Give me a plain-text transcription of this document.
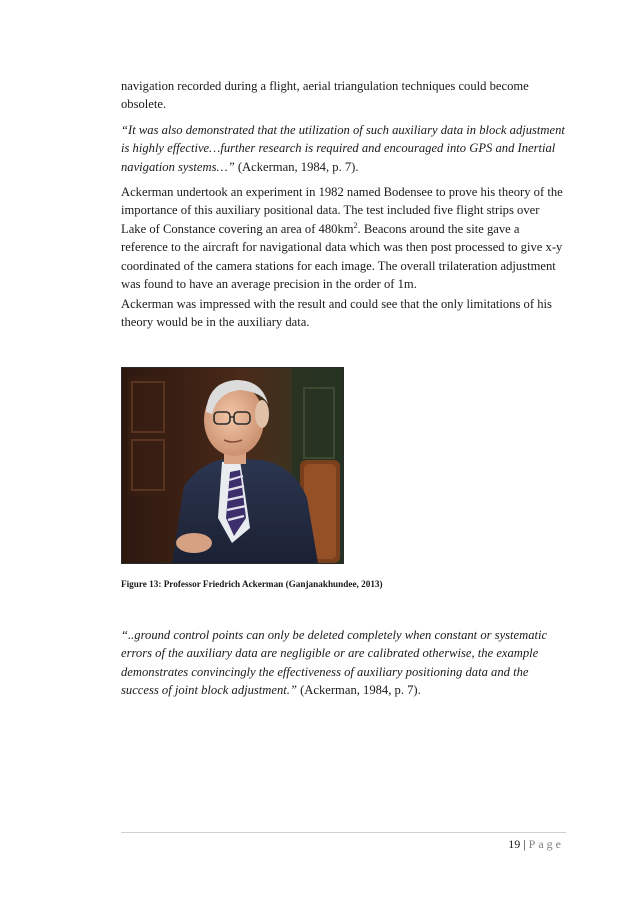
navigation recorded during a flight, aerial triangulation techniques could become obsolete.

“It was also demonstrated that the utilization of such auxiliary data in block adjustment is highly effective…further research is required and encouraged into GPS and Inertial navigation systems…” (Ackerman, 1984, p. 7).

Ackerman undertook an experiment in 1982 named Bodensee to prove his theory of the importance of this auxiliary positional data. The test included five flight strips over Lake of Constance covering an area of $480km^2$. Beacons around the site gave a reference to the aircraft for navigational data which was then post processed to give x-y coordinated of the camera stations for each image. The overall trilateration adjustment was found to have an average precision in the order of 1m.

Ackerman was impressed with the result and could see that the only limitations of his theory would be in the auxiliary data.

Figure 13: Professor Friedrich Ackerman (Ganjanakhundee, 2013)

“..ground control points can only be deleted completely when constant or systematic errors of the auxiliary data are negligible or are calibrated otherwise, the example demonstrates convincingly the effectiveness of auxiliary positioning data and the success of joint block adjustment.” (Ackerman, 1984, p. 7).

19 | Page
